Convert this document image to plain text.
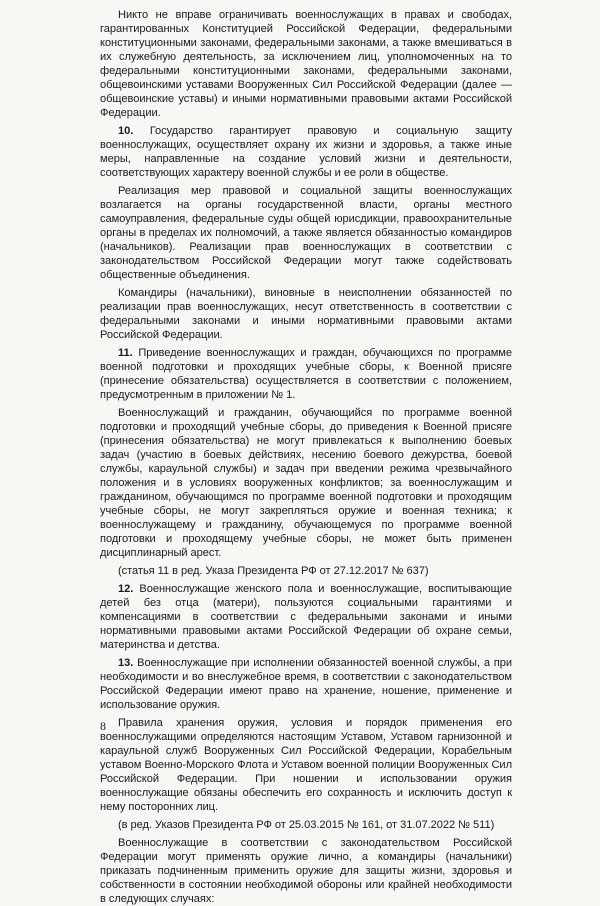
Никто не вправе ограничивать военнослужащих в правах и свободах, гарантированных Конституцией Российской Федерации, федеральными конституционными законами, федеральными законами, а также вмешиваться в их служебную деятельность, за исключением лиц, уполномоченных на то федеральными конституционными законами, федеральными законами, общевоинскими уставами Вооруженных Сил Российской Федерации (далее — общевоинские уставы) и иными нормативными правовыми актами Российской Федерации.

10. Государство гарантирует правовую и социальную защиту военнослужащих, осуществляет охрану их жизни и здоровья, а также иные меры, направленные на создание условий жизни и деятельности, соответствующих характеру военной службы и ее роли в обществе.

Реализация мер правовой и социальной защиты военнослужащих возлагается на органы государственной власти, органы местного самоуправления, федеральные суды общей юрисдикции, правоохранительные органы в пределах их полномочий, а также является обязанностью командиров (начальников). Реализации прав военнослужащих в соответствии с законодательством Российской Федерации могут также содействовать общественные объединения.

Командиры (начальники), виновные в неисполнении обязанностей по реализации прав военнослужащих, несут ответственность в соответствии с федеральными законами и иными нормативными правовыми актами Российской Федерации.

11. Приведение военнослужащих и граждан, обучающихся по программе военной подготовки и проходящих учебные сборы, к Военной присяге (принесение обязательства) осуществляется в соответствии с положением, предусмотренным в приложении № 1.

Военнослужащий и гражданин, обучающийся по программе военной подготовки и проходящий учебные сборы, до приведения к Военной присяге (принесения обязательства) не могут привлекаться к выполнению боевых задач (участию в боевых действиях, несению боевого дежурства, боевой службы, караульной службы) и задач при введении режима чрезвычайного положения и в условиях вооруженных конфликтов; за военнослужащим и гражданином, обучающимся по программе военной подготовки и проходящим учебные сборы, не могут закрепляться оружие и военная техника; к военнослужащему и гражданину, обучающемуся по программе военной подготовки и проходящему учебные сборы, не может быть применен дисциплинарный арест.

(статья 11 в ред. Указа Президента РФ от 27.12.2017 № 637)

12. Военнослужащие женского пола и военнослужащие, воспитывающие детей без отца (матери), пользуются социальными гарантиями и компенсациями в соответствии с федеральными законами и иными нормативными правовыми актами Российской Федерации об охране семьи, материнства и детства.

13. Военнослужащие при исполнении обязанностей военной службы, а при необходимости и во внеслужебное время, в соответствии с законодательством Российской Федерации имеют право на хранение, ношение, применение и использование оружия.

Правила хранения оружия, условия и порядок применения его военнослужащими определяются настоящим Уставом, Уставом гарнизонной и караульной служб Вооруженных Сил Российской Федерации, Корабельным уставом Военно-Морского Флота и Уставом военной полиции Вооруженных Сил Российской Федерации. При ношении и использовании оружия военнослужащие обязаны обеспечить его сохранность и исключить доступ к нему посторонних лиц.

(в ред. Указов Президента РФ от 25.03.2015 № 161, от 31.07.2022 № 511)

Военнослужащие в соответствии с законодательством Российской Федерации могут применять оружие лично, а командиры (начальники) приказать подчиненным применить оружие для защиты жизни, здоровья и собственности в состоянии необходимой обороны или крайней необходимости в следующих случаях:

8
